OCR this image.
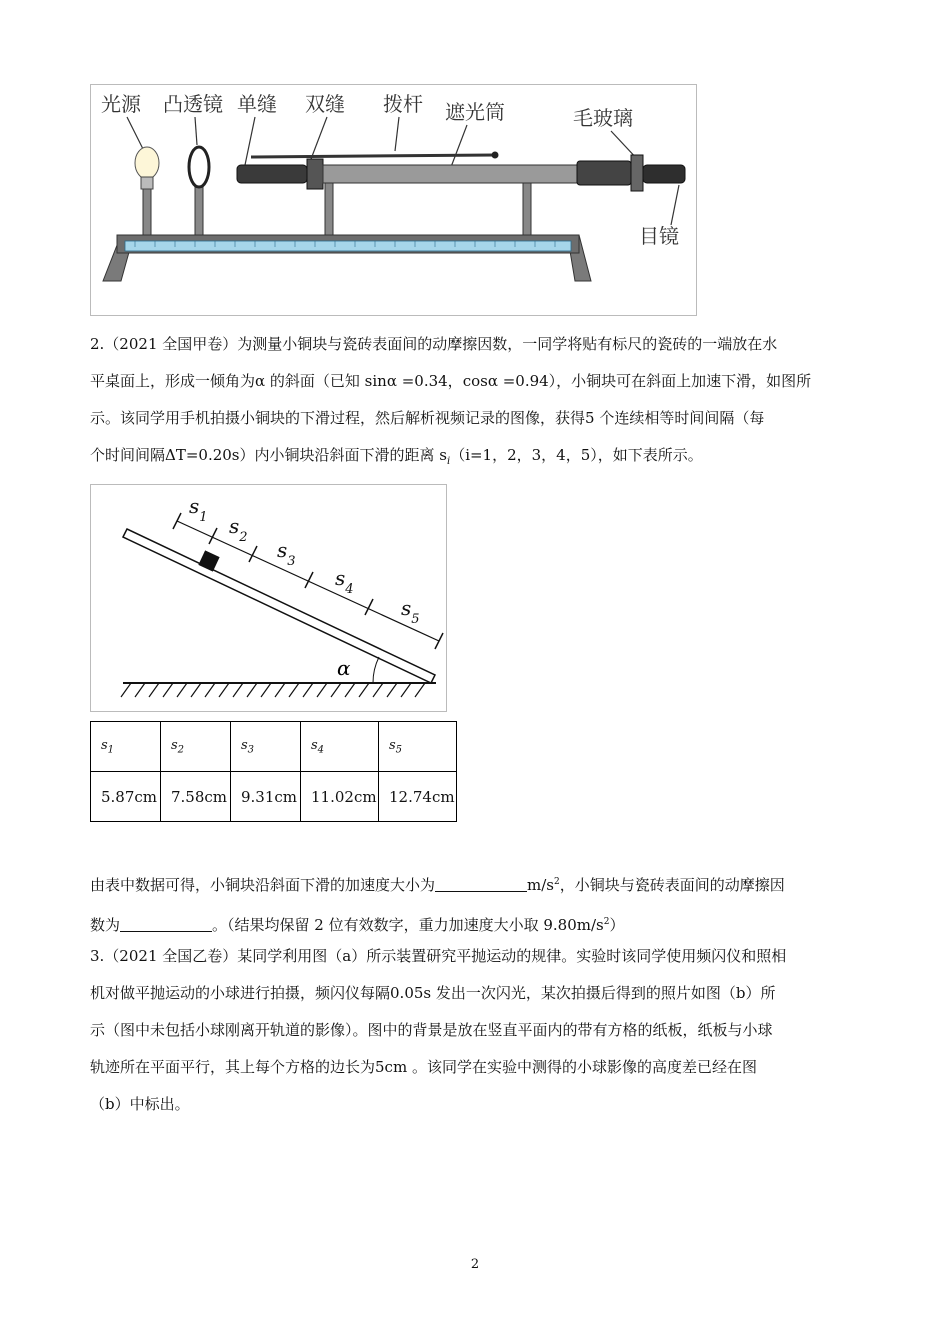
光源 凸透镜 单缝 双缝 拨杆 遮光筒	毛玻璃
目镜
2.（2021 全国甲卷）为测量小铜块与瓷砖表面间的动摩擦因数，一同学将贴有标尺的瓷砖的一端放在水
平桌面上，形成一倾角为α 的斜面（已知 sinα =0.34，cosα =0.94），小铜块可在斜面上加速下滑，如图所
示。该同学用手机拍摄小铜块的下滑过程，然后解析视频记录的图像，获得5 个连续相等时间间隔（每
个时间间隔ΔT=0.20s）内小铜块沿斜面下滑的距离 $s_i(i=1$，2，3，4，5），如下表所示。
α
$s_1$ $s_2$
$s_3$
$s_4$
$s_5$
$s_1$	$s_2$	$s_3$	$s_4$	$s_5$
5.87cm	7.58cm	9.31cm	11.02cm	12.74cm
由表中数据可得，小铜块沿斜面下滑的加速度大小为	$m/s^2$，小铜块与瓷砖表面间的动摩擦因
数为	。（结果均保留 2 位有效数字，重力加速度大小取 $9.80m/s^2$）
3.（2021 全国乙卷）某同学利用图（a）所示装置研究平抛运动的规律。实验时该同学使用频闪仪和照相
机对做平抛运动的小球进行拍摄，频闪仪每隔0.05s 发出一次闪光，某次拍摄后得到的照片如图（b）所
示（图中未包括小球刚离开轨道的影像）。图中的背景是放在竖直平面内的带有方格的纸板，纸板与小球
轨迹所在平面平行，其上每个方格的边长为5cm 。该同学在实验中测得的小球影像的高度差已经在图
（b）中标出。
2
